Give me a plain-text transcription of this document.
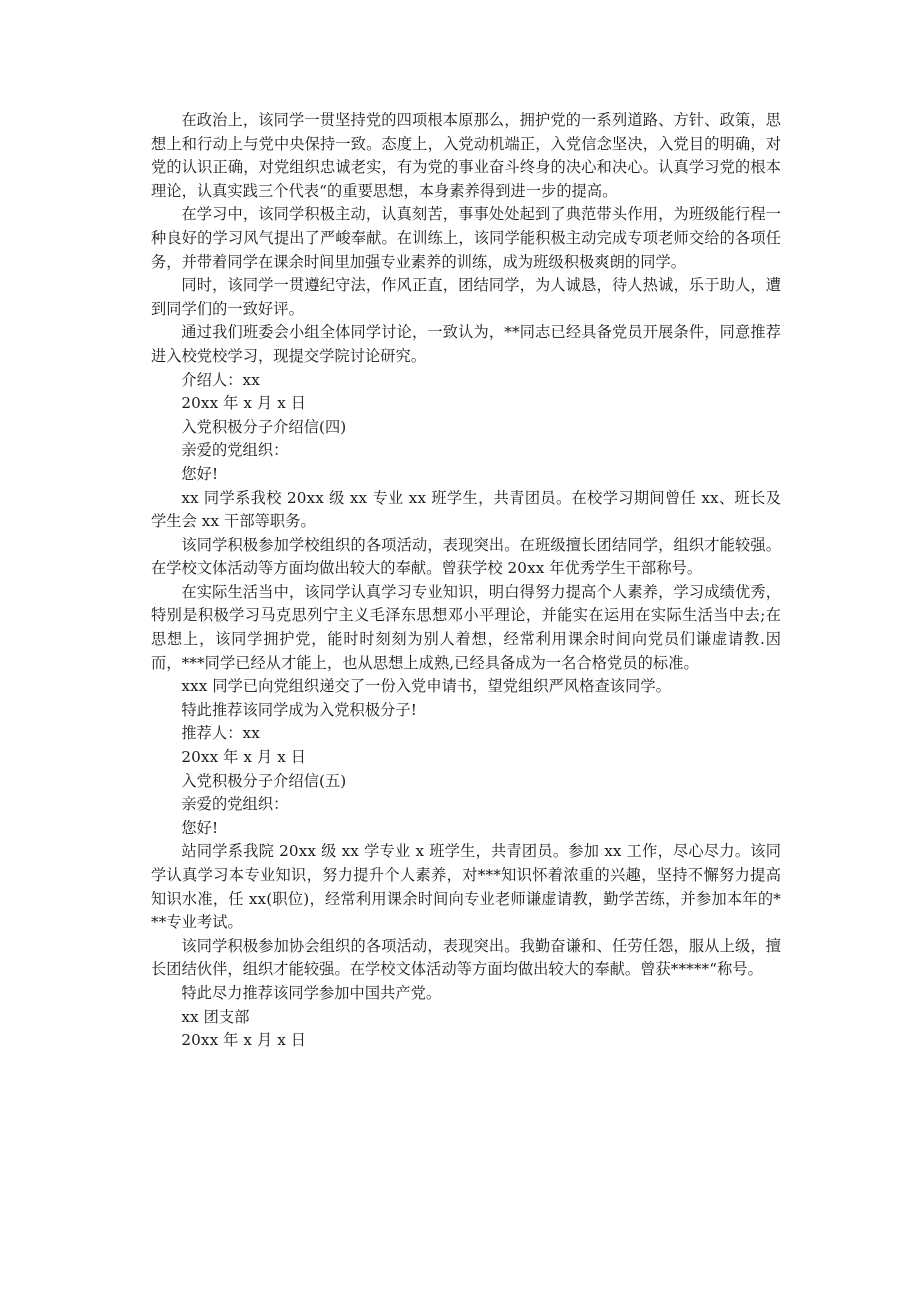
在政治上，该同学一贯坚持党的四项根本原那么，拥护党的一系列道路、方针、政策，思想上和行动上与党中央保持一致。态度上，入党动机端正，入党信念坚决，入党目的明确，对党的认识正确，对党组织忠诚老实，有为党的事业奋斗终身的决心和决心。认真学习党的根本理论，认真实践三个代表“的重要思想，本身素养得到进一步的提高。

在学习中，该同学积极主动，认真刻苦，事事处处起到了典范带头作用，为班级能行程一种良好的学习风气提出了严峻奉献。在训练上，该同学能积极主动完成专项老师交给的各项任务，并带着同学在课余时间里加强专业素养的训练，成为班级积极爽朗的同学。

同时，该同学一贯遵纪守法，作风正直，团结同学，为人诚恳，待人热诚，乐于助人，遭到同学们的一致好评。

通过我们班委会小组全体同学讨论，一致认为，**同志已经具备党员开展条件，同意推荐进入校党校学习，现提交学院讨论研究。

介绍人：xx

20xx 年 x 月 x 日

入党积极分子介绍信(四)

亲爱的党组织：

您好!

xx 同学系我校 20xx 级 xx 专业 xx 班学生，共青团员。在校学习期间曾任 xx、班长及学生会 xx 干部等职务。

该同学积极参加学校组织的各项活动，表现突出。在班级擅长团结同学，组织才能较强。在学校文体活动等方面均做出较大的奉献。曾获学校 20xx 年优秀学生干部称号。

在实际生活当中，该同学认真学习专业知识，明白得努力提高个人素养，学习成绩优秀，特别是积极学习马克思列宁主义毛泽东思想邓小平理论，并能实在运用在实际生活当中去;在思想上，该同学拥护党，能时时刻刻为别人着想，经常利用课余时间向党员们谦虚请教.因而，***同学已经从才能上，也从思想上成熟,已经具备成为一名合格党员的标准。

xxx 同学已向党组织递交了一份入党申请书，望党组织严风格查该同学。

特此推荐该同学成为入党积极分子!

推荐人：xx

20xx 年 x 月 x 日

入党积极分子介绍信(五)

亲爱的党组织：

您好!

站同学系我院 20xx 级 xx 学专业 x 班学生，共青团员。参加 xx 工作，尽心尽力。该同学认真学习本专业知识，努力提升个人素养，对***知识怀着浓重的兴趣，坚持不懈努力提高知识水准，任 xx(职位)，经常利用课余时间向专业老师谦虚请教，勤学苦练，并参加本年的***专业考试。

该同学积极参加协会组织的各项活动，表现突出。我勤奋谦和、任劳任怨，服从上级，擅长团结伙伴，组织才能较强。在学校文体活动等方面均做出较大的奉献。曾获*****“称号。

特此尽力推荐该同学参加中国共产党。

xx 团支部

20xx 年 x 月 x 日
